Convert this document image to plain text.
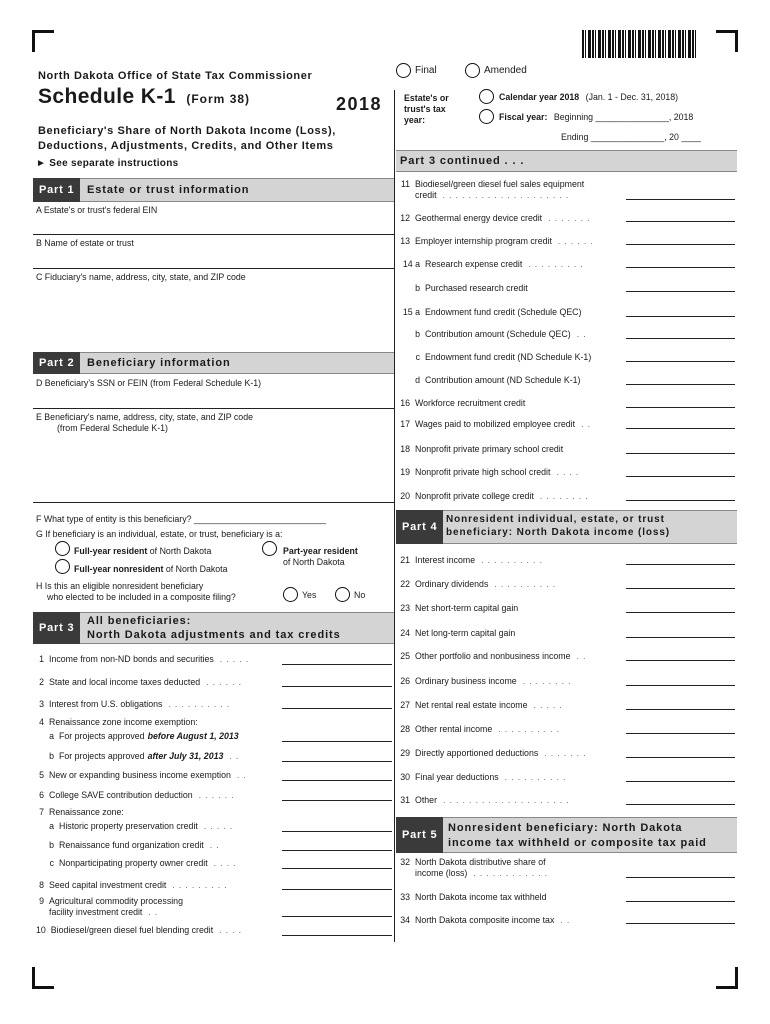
North Dakota Office of State Tax Commissioner
Schedule K-1 (Form 38)	2018
Beneficiary's Share of North Dakota Income (Loss),
Deductions, Adjustments, Credits, and Other Items
► See separate instructions
Final	Amended
Estate's or
trust's tax
year:
Calendar year 2018 (Jan. 1 - Dec. 31, 2018)
Fiscal year: Beginning _______________, 2018
Ending _______________, 20 ____
Part 1	Estate or trust information
A Estate's or trust's federal EIN
B Name of estate or trust
C Fiduciary's name, address, city, state, and ZIP code
Part 2	Beneficiary information
D Beneficiary's SSN or FEIN (from Federal Schedule K-1)
E Beneficiary's name, address, city, state, and ZIP code
(from Federal Schedule K-1)
F What type of entity is this beneficiary? ___________________________
G If beneficiary is an individual, estate, or trust, beneficiary is a:
Full-year resident of North Dakota	Part-year resident
of North Dakota
Full-year nonresident of North Dakota
H Is this an eligible nonresident beneficiary
who elected to be included in a composite filing?	Yes	No
Part 3
All beneficiaries:
North Dakota adjustments and tax credits
1 Income from non-ND bonds and securities . . . . .
2 State and local income taxes deducted . . . . . .
3 Interest from U.S. obligations . . . . . . . . . .
4 Renaissance zone income exemption:
a For projects approved before August 1, 2013
b For projects approved after July 31, 2013 . .
5 New or expanding business income exemption . .
6 College SAVE contribution deduction . . . . . .
7 Renaissance zone:
a Historic property preservation credit . . . . .
b Renaissance fund organization credit . .
c Nonparticipating property owner credit . . . .
8 Seed capital investment credit . . . . . . . . .
9 Agricultural commodity processing
facility investment credit . .
10 Biodiesel/green diesel fuel blending credit . . . .
Part 3 continued . . .
11 Biodiesel/green diesel fuel sales equipment
credit . . . . . . . . . . . . . . . . . . . .
12 Geothermal energy device credit . . . . . . .
13 Employer internship program credit . . . . . .
14 a Research expense credit . . . . . . . . .
b Purchased research credit
15 a Endowment fund credit (Schedule QEC)
b Contribution amount (Schedule QEC) . .
c Endowment fund credit (ND Schedule K-1)
d Contribution amount (ND Schedule K-1)
16 Workforce recruitment credit
17 Wages paid to mobilized employee credit . .
18 Nonprofit private primary school credit
19 Nonprofit private high school credit . . . .
20 Nonprofit private college credit . . . . . . . .
Part 4
Nonresident individual, estate, or trust
beneficiary: North Dakota income (loss)
21 Interest income . . . . . . . . . .
22 Ordinary dividends . . . . . . . . . .
23 Net short-term capital gain
24 Net long-term capital gain
25 Other portfolio and nonbusiness income . .
26 Ordinary business income . . . . . . . .
27 Net rental real estate income . . . . .
28 Other rental income . . . . . . . . . .
29 Directly apportioned deductions . . . . . . .
30 Final year deductions . . . . . . . . . .
31 Other . . . . . . . . . . . . . . . . . . . .
Part 5
Nonresident beneficiary: North Dakota
income tax withheld or composite tax paid
32 North Dakota distributive share of
income (loss) . . . . . . . . . . . .
33 North Dakota income tax withheld
34 North Dakota composite income tax . .
